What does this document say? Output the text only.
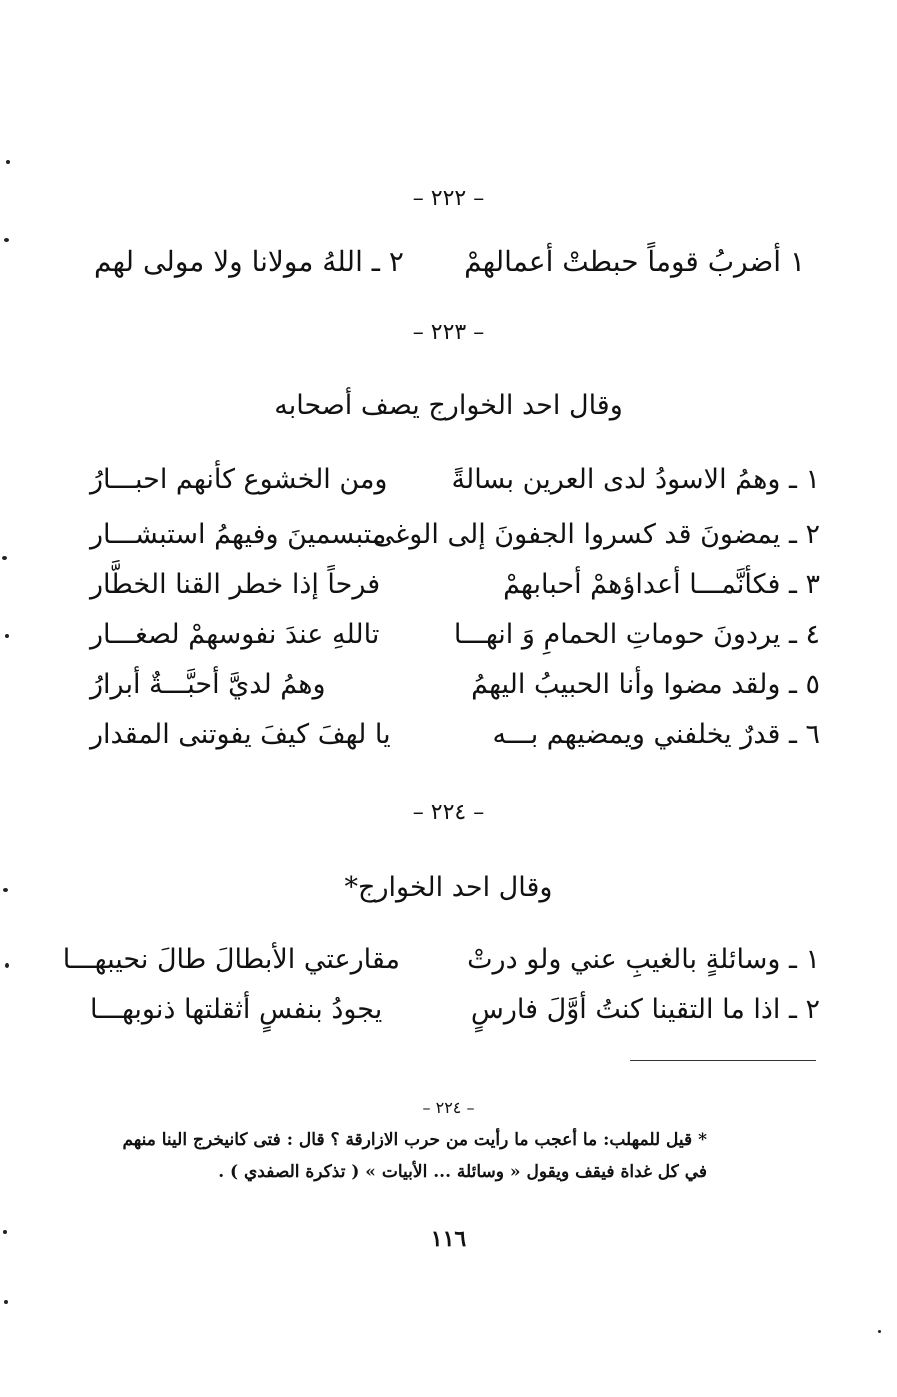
– ٢٢٢ –
١ أضربُ قوماً حبطتْ أعمالهمْ
٢ ـ اللهُ مولانا ولا مولى لهم
– ٢٢٣ –
وقال احد الخوارج يصف أصحابه
١ ـ وهمُ الاسودُ لدى العرين بسالةً
ومن الخشوع كأنهم احبـــارُ
٢ ـ يمضونَ قد كسروا الجفونَ إلى الوغى
متبسمينَ وفيهمُ استبشـــار
٣ ـ فكأنَّمـــا أعداؤهمْ أحبابهمْ
فرحاً إذا خطر القنا الخطَّار
٤ ـ يردونَ حوماتِ الحمامِ وَ انهـــا
تاللهِ عندَ نفوسهمْ لصغـــار
٥ ـ ولقد مضوا وأنا الحبيبُ اليهمُ
وهمُ لديَّ أحبَّـــةٌ أبرارُ
٦ ـ قدرٌ يخلفني ويمضيهم بـــه
يا لهفَ كيفَ يفوتنى المقدار
– ٢٢٤ –
وقال احد الخوارج*
١ ـ وسائلةٍ بالغيبِ عني ولو درتْ
مقارعتي الأبطالَ طالَ نحيبهـــا
٢ ـ اذا ما التقينا كنتُ أوَّلَ فارسٍ
يجودُ بنفسٍ أثقلتها ذنوبهـــا
– ٢٢٤ –
* قيل للمهلب: ما أعجب ما رأيت من حرب الازارقة ؟ قال : فتى كانيخرج الينا منهم
في كل غداة فيقف ويقول « وسائلة ... الأبيات » ( تذكرة الصفدي ) .
١١٦
